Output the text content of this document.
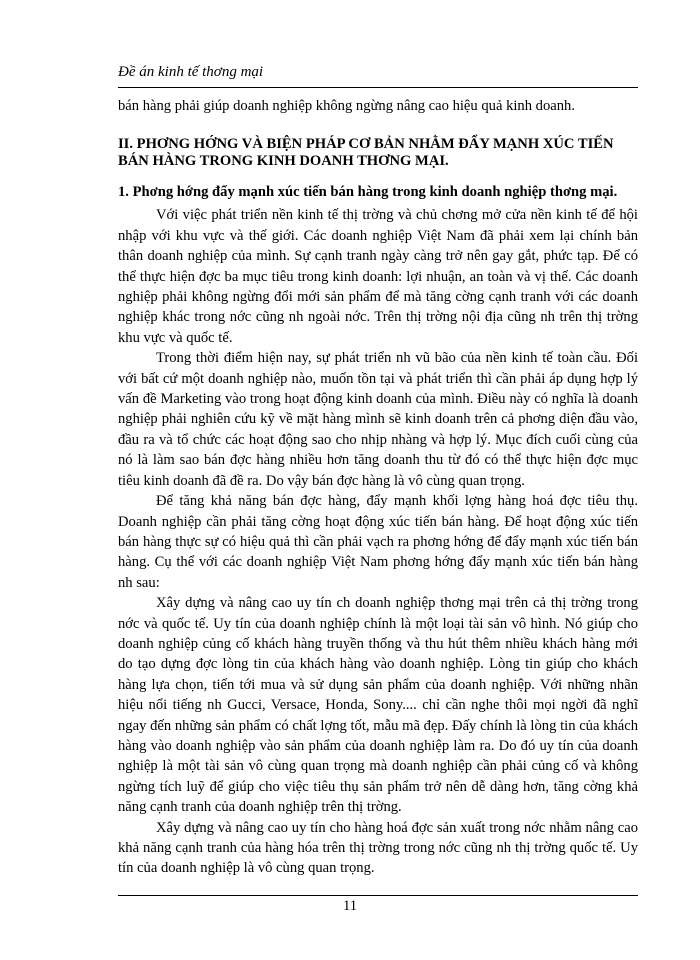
Đề án kinh tế thơng mại

bán hàng phải giúp doanh nghiệp không ngừng nâng cao hiệu quả kinh doanh.

II. PHƠNG HỚNG VÀ BIỆN PHÁP CƠ BẢN NHẰM ĐẨY MẠNH XÚC TIẾN BÁN HÀNG TRONG KINH DOANH THƠNG MẠI.
1. Phơng hớng đẩy mạnh xúc tiến bán hàng trong kinh doanh nghiệp thơng mại.

Với việc phát triển nền kinh tế thị trờng và chủ chơng mở cửa nền kinh tế để hội nhập với khu vực và thế giới. Các doanh nghiệp Việt Nam đã phải xem lại chính bản thân doanh nghiệp của mình. Sự cạnh tranh ngày càng trở nên gay gắt, phức tạp. Để có thể thực hiện đợc ba mục tiêu trong kinh doanh: lợi nhuận, an toàn và vị thế. Các doanh nghiệp phải không ngừng đổi mới sản phẩm để mà tăng cờng cạnh tranh với các doanh nghiệp khác trong nớc cũng nh ngoài nớc. Trên thị trờng nội địa cũng nh trên thị trờng khu vực và quốc tế.

Trong thời điểm hiện nay, sự phát triển nh vũ bão của nền kinh tế toàn cầu. Đối với bất cứ một doanh nghiệp nào, muốn tồn tại và phát triển thì cần phải áp dụng hợp lý vấn đề Marketing vào trong hoạt động kinh doanh của mình. Điều này có nghĩa là doanh nghiệp phải nghiên cứu kỹ về mặt hàng mình sẽ kinh doanh trên cả phơng diện đầu vào, đầu ra và tổ chức các hoạt động sao cho nhịp nhàng và hợp lý. Mục đích cuối cùng của nó là làm sao bán đợc hàng nhiều hơn tăng doanh thu từ đó có thể thực hiện đợc mục tiêu kinh doanh đã đề ra. Do vậy bán đợc hàng là vô cùng quan trọng.

Để tăng khả năng bán đợc hàng, đẩy mạnh khối lợng hàng hoá đợc tiêu thụ. Doanh nghiệp cần phải tăng cờng hoạt động xúc tiến bán hàng. Để hoạt động xúc tiến bán hàng thực sự có hiệu quả thì cần phải vạch ra phơng hớng để đẩy mạnh xúc tiến bán hàng. Cụ thể với các doanh nghiệp Việt Nam phơng hớng đẩy mạnh xúc tiến bán hàng nh sau:

Xây dựng và nâng cao uy tín ch doanh nghiệp thơng mại trên cả thị trờng trong nớc và quốc tế. Uy tín của doanh nghiệp chính là một loại tài sản vô hình. Nó giúp cho doanh nghiệp củng cố khách hàng truyền thống và thu hút thêm nhiều khách hàng mới do tạo dựng đợc lòng tin của khách hàng vào doanh nghiệp. Lòng tin giúp cho khách hàng lựa chọn, tiến tới mua và sử dụng sản phẩm của doanh nghiệp. Với những nhãn hiệu nổi tiếng nh Gucci, Versace, Honda, Sony.... chỉ cần nghe thôi mọi ngời đã nghĩ ngay đến những sản phẩm có chất lợng tốt, mẫu mã đẹp. Đấy chính là lòng tin của khách hàng vào doanh nghiệp vào sản phẩm của doanh nghiệp làm ra. Do đó uy tín của doanh nghiệp là một tài sản vô cùng quan trọng mà doanh nghiệp cần phải củng cố và không ngừng tích luỹ để giúp cho việc tiêu thụ sản phẩm trở nên dễ dàng hơn, tăng cờng khả năng cạnh tranh của doanh nghiệp trên thị trờng.

Xây dựng và nâng cao uy tín cho hàng hoá đợc sản xuất trong nớc nhằm nâng cao khả năng cạnh tranh của hàng hóa trên thị trờng trong nớc cũng nh thị trờng quốc tế. Uy tín của doanh nghiệp là vô cùng quan trọng.

11
